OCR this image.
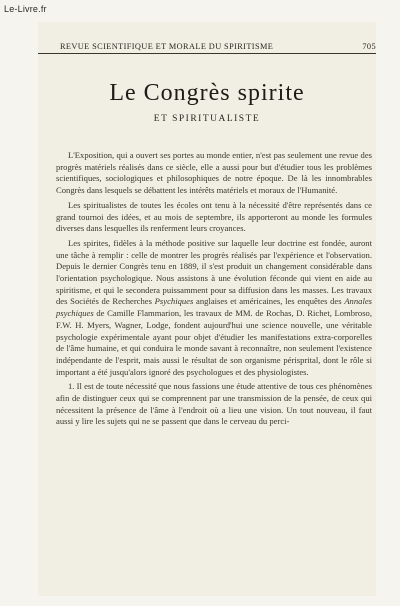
Le-Livre.fr
REVUE SCIENTIFIQUE ET MORALE DU SPIRITISME	705
Le Congrès spirite
ET SPIRITUALISTE

L'Exposition, qui a ouvert ses portes au monde entier, n'est pas seulement une revue des progrès matériels réalisés dans ce siècle, elle a aussi pour but d'étudier tous les problèmes scientifiques, sociologiques et philosophiques de notre époque. De là les innombrables Congrès dans lesquels se débattent les intérêts matériels et moraux de l'Humanité.

Les spiritualistes de toutes les écoles ont tenu à la nécessité d'être représentés dans ce grand tournoi des idées, et au mois de septembre, ils apporteront au monde les formules diverses dans lesquelles ils renferment leurs croyances.

Les spirites, fidèles à la méthode positive sur laquelle leur doctrine est fondée, auront une tâche à remplir : celle de montrer les progrès réalisés par l'expérience et l'observation. Depuis le dernier Congrès tenu en 1889, il s'est produit un changement considérable dans l'orientation psychologique. Nous assistons à une évolution féconde qui vient en aide au spiritisme, et qui le secondera puissamment pour sa diffusion dans les masses. Les travaux des Sociétés de Recherches Psychiques anglaises et américaines, les enquêtes des Annales psychiques de Camille Flammarion, les travaux de MM. de Rochas, D. Richet, Lombroso, F.W. H. Myers, Wagner, Lodge, fondent aujourd'hui une science nouvelle, une véritable psychologie expérimentale ayant pour objet d'étudier les manifestations extra-corporelles de l'âme humaine, et qui conduira le monde savant à reconnaître, non seulement l'existence indépendante de l'esprit, mais aussi le résultat de son organisme périsprital, dont le rôle si important a été jusqu'alors ignoré des psychologues et des physiologistes.

1. Il est de toute nécessité que nous fassions une étude attentive de tous ces phénomènes afin de distinguer ceux qui se comprennent par une transmission de la pensée, de ceux qui nécessitent la présence de l'âme à l'endroit où a lieu une vision. Un tout nouveau, il faut aussi y lire les sujets qui ne se passent que dans le cerveau du perci-
